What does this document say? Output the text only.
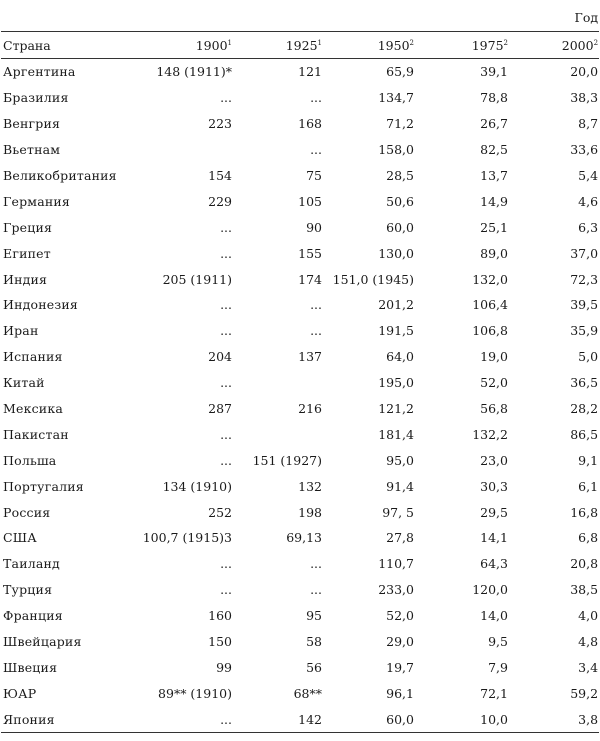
	Год				
Страна	1900$^1$	1925$^1$	1950$^2$	1975$^2$	2000$^2$
Аргентина	148 (1911)*	121	65,9	39,1	20,0
Бразилия	...	...	134,7	78,8	38,3
Венгрия	223	168	71,2	26,7	8,7
Вьетнам		...	158,0	82,5	33,6
Великобритания	154	75	28,5	13,7	5,4
Германия	229	105	50,6	14,9	4,6
Греция	...	90	60,0	25,1	6,3
Египет	...	155	130,0	89,0	37,0
Индия	205 (1911)	174	151,0 (1945)	132,0	72,3
Индонезия	...	...	201,2	106,4	39,5
Иран	...	...	191,5	106,8	35,9
Испания	204	137	64,0	19,0	5,0
Китай	...		195,0	52,0	36,5
Мексика	287	216	121,2	56,8	28,2
Пакистан	...		181,4	132,2	86,5
Польша	...	151 (1927)	95,0	23,0	9,1
Португалия	134 (1910)	132	91,4	30,3	6,1
Россия	252	198	97, 5	29,5	16,8
США	100,7 (1915)3	69,13	27,8	14,1	6,8
Таиланд	...	...	110,7	64,3	20,8
Турция	...	...	233,0	120,0	38,5
Франция	160	95	52,0	14,0	4,0
Швейцария	150	58	29,0	9,5	4,8
Швеция	99	56	19,7	7,9	3,4
ЮАР	89** (1910)	68**	96,1	72,1	59,2
Япония	...	142	60,0	10,0	3,8
